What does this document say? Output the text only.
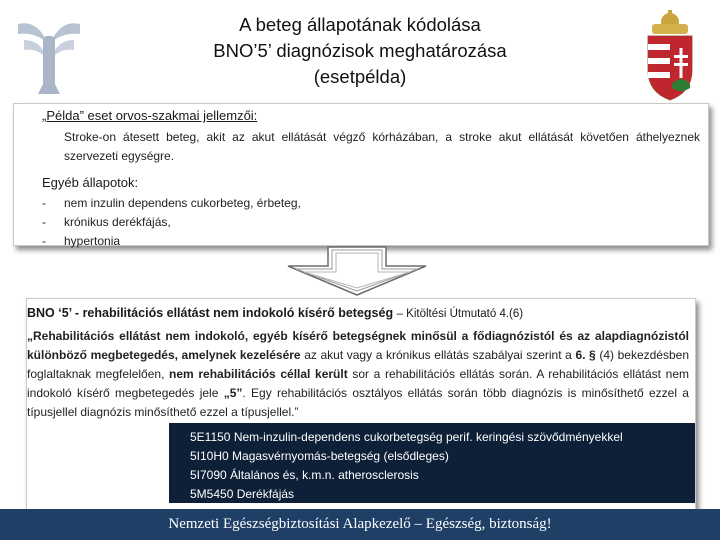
A beteg állapotának kódolása
BNO’5’ diagnózisok meghatározása
(esetpélda)
„Példa” eset orvos-szakmai jellemzői:
Stroke-on átesett beteg, akit az akut ellátását végző kórházában, a stroke akut ellátását követően áthelyeznek szervezeti egységre.
Egyéb állapotok:
-	nem inzulin dependens cukorbeteg, érbeteg,
-	krónikus derékfájás,
-	hypertonia
BNO ‘5’ - rehabilitációs ellátást nem indokoló kísérő betegség – Kitöltési Útmutató 4.(6)
„Rehabilitációs ellátást nem indokoló, egyéb kísérő betegségnek minősül a fődiagnózistól és az alapdiagnózistól különböző megbetegedés, amelynek kezelésére az akut vagy a krónikus ellátás szabályai szerint a 6. § (4) bekezdésben foglaltaknak megfelelően, nem rehabilitációs céllal került sor a rehabilitációs ellátás során. A rehabilitációs ellátást nem indokoló kísérő megbetegedés jele „5”. Egy rehabilitációs osztályos ellátás során több diagnózis is minősíthető ezzel a típusjellel diagnózis minősíthető ezzel a típusjellel.”
5E1150 Nem-inzulin-dependens cukorbetegség perif. keringési szövődményekkel
5I10H0 Magasvérnyomás-betegség (elsődleges)
5I7090 Általános és, k.m.n. atherosclerosis
5M5450 Derékfájás
Nemzeti Egészségbiztosítási Alapkezelő – Egészség, biztonság!
